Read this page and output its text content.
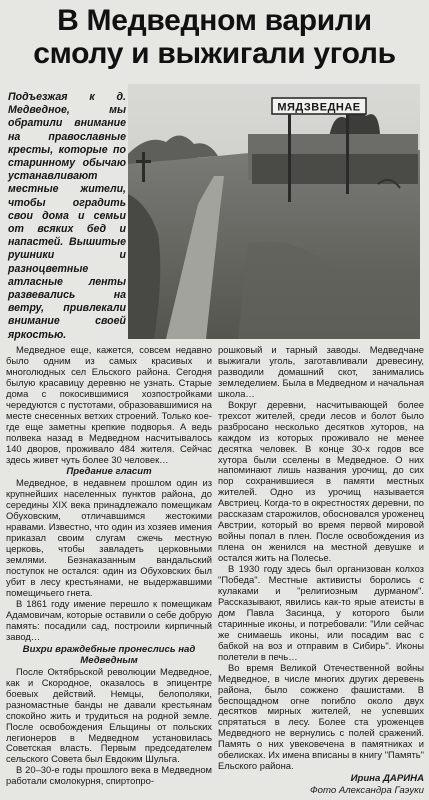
В Медведном варили
смолу и выжигали уголь
Подъезжая к д. Медведное, мы обратили внимание на православные кресты, которые по старинному обычаю устанавливают местные жители, чтобы оградить свои дома и семьи от всяких бед и напастей. Вышитые рушники и разноцветные атласные ленты развевались на ветру, привлекали внимание своей яркостью.
МЯДЗВЕДНАЕ

Медведное еще, кажется, совсем недавно было одним из самых красивых и многолюдных сел Ельского района. Сегодня былую красавицу деревню не узнать. Старые дома с покосившимися хозпостройками чередуются с пустотами, образовавшимися на месте снесенных ветхих строений. Только кое-где еще заметны крепкие подворья. А ведь полвека назад в Медведном насчитывалось 140 дворов, проживало 484 жителя. Сейчас здесь живет чуть более 30 человек…

Предание гласит

Медведное, в недавнем прошлом один из крупнейших населенных пунктов района, до середины XIX века принадлежало помещикам Обуховским, отличавшимся жестокими нравами. Известно, что один из хозяев имения приказал своим слугам сжечь местную церковь, чтобы завладеть церковными землями. Безнаказанным вандальский поступок не остался: один из Обуховских был убит в лесу крестьянами, не выдержавшими помещичьего гнета.

В 1861 году имение перешло к помещикам Адамовичам, которые оставили о себе добрую память: посадили сад, построили кирпичный завод…

Вихри враждебные пронеслись над Медведным

После Октябрьской революции Медведное, как и Скородное, оказалось в эпицентре боевых действий. Немцы, белополяки, разномастные банды не давали крестьянам спокойно жить и трудиться на родной земле. После освобождения Ельщины от польских легионеров в Медведном установилась Советская власть. Первым председателем сельского Совета был Евдоким Шульга.

В 20–30-е годы прошлого века в Медведном работали смолокурня, спиртопро-

рошковый и тарный заводы. Медведчане выжигали уголь, заготавливали древесину, разводили домашний скот, занимались земледелием. Была в Медведном и начальная школа…

Вокруг деревни, насчитывающей более трехсот жителей, среди лесов и болот было разбросано несколько десятков хуторов, на каждом из которых проживало не менее десятка человек. В конце 30-х годов все хутора были сселены в Медведное. О них напоминают лишь названия урочищ, до сих пор сохранившиеся в памяти местных жителей. Одно из урочищ называется Австриец. Когда-то в окрестностях деревни, по рассказам старожилов, обосновался уроженец Австрии, который во время первой мировой войны попал в плен. После освобождения из плена он женился на местной девушке и остался жить на Полесье.

В 1930 году здесь был организован колхоз "Победа". Местные активисты боролись с кулаками и "религиозным дурманом". Рассказывают, явились как-то ярые атеисты в дом Павла Засинца, у которого были старинные иконы, и потребовали: "Или сейчас же снимаешь иконы, или посадим вас с бабкой на воз и отправим в Сибирь". Иконы полетели в печь…

Во время Великой Отечественной войны Медведное, в числе многих других деревень района, было сожжено фашистами. В беспощадном огне погибло около двух десятков мирных жителей, не успевших спрятаться в лесу. Более ста уроженцев Медведного не вернулись с полей сражений. Память о них увековечена в памятниках и обелисках. Их имена вписаны в книгу "Память" Ельского района.

Ирина ДАРИНА
Фото Александра Гаэуки
